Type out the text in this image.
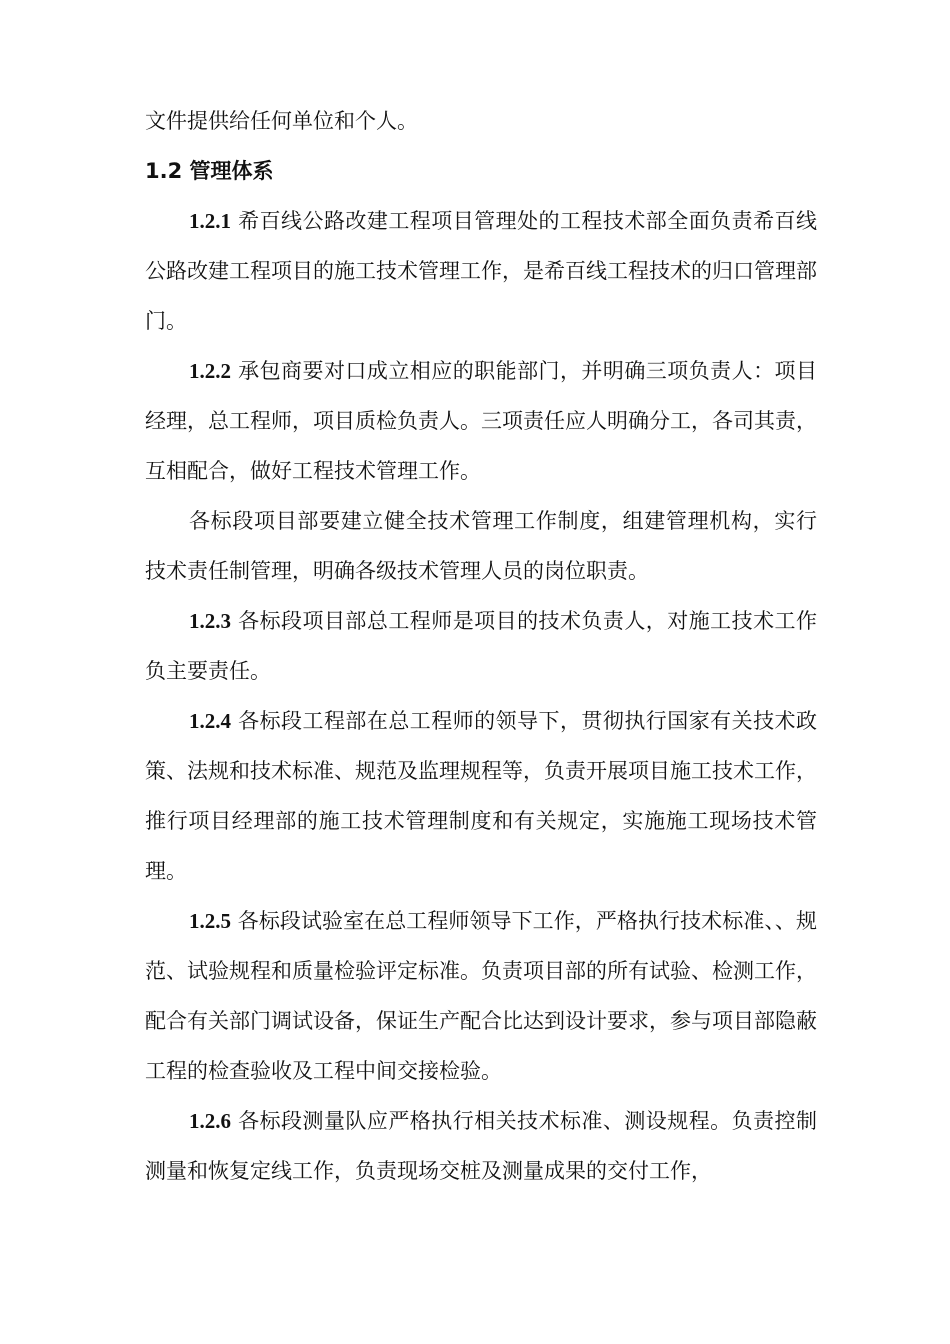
文件提供给任何单位和个人。

1.2 管理体系

1.2.1 希百线公路改建工程项目管理处的工程技术部全面负责希百线公路改建工程项目的施工技术管理工作，是希百线工程技术的归口管理部门。

1.2.2 承包商要对口成立相应的职能部门，并明确三项负责人：项目经理，总工程师，项目质检负责人。三项责任应人明确分工，各司其责，互相配合，做好工程技术管理工作。

各标段项目部要建立健全技术管理工作制度，组建管理机构，实行技术责任制管理，明确各级技术管理人员的岗位职责。

1.2.3 各标段项目部总工程师是项目的技术负责人，对施工技术工作负主要责任。

1.2.4 各标段工程部在总工程师的领导下，贯彻执行国家有关技术政策、法规和技术标准、规范及监理规程等，负责开展项目施工技术工作，推行项目经理部的施工技术管理制度和有关规定，实施施工现场技术管理。

1.2.5 各标段试验室在总工程师领导下工作，严格执行技术标准、、规范、试验规程和质量检验评定标准。负责项目部的所有试验、检测工作，配合有关部门调试设备，保证生产配合比达到设计要求，参与项目部隐蔽工程的检查验收及工程中间交接检验。

1.2.6 各标段测量队应严格执行相关技术标准、测设规程。负责控制测量和恢复定线工作，负责现场交桩及测量成果的交付工作，
